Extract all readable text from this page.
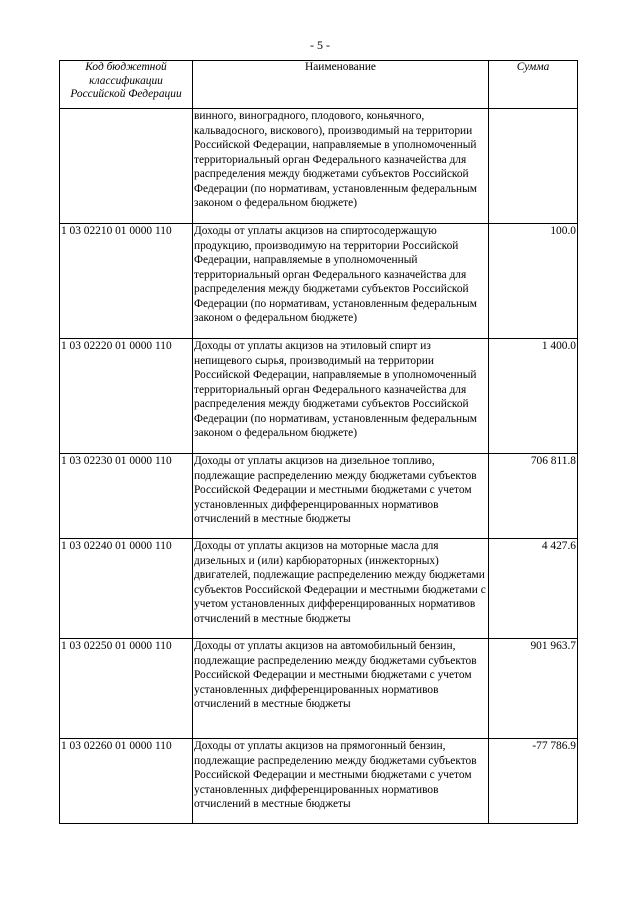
- 5 -
Код бюджетной классификации Российской Федерации	Наименование	Сумма
	винного, виноградного, плодового, коньячного, кальвадосного, вискового), производимый на территории Российской Федерации, направляемые в уполномоченный территориальный орган Федерального казначейства для распределения между бюджетами субъектов Российской Федерации (по нормативам, установленным федеральным законом о федеральном бюджете)	
1 03 02210 01 0000 110	Доходы от уплаты акцизов на спиртосодержащую продукцию, производимую на территории Российской Федерации, направляемые в уполномоченный территориальный орган Федерального казначейства для распределения между бюджетами субъектов Российской Федерации (по нормативам, установленным федеральным законом о федеральном бюджете)	100.0
1 03 02220 01 0000 110	Доходы от уплаты акцизов на этиловый спирт из непищевого сырья, производимый на территории Российской Федерации, направляемые в уполномоченный территориальный орган Федерального казначейства для распределения между бюджетами субъектов Российской Федерации (по нормативам, установленным федеральным законом о федеральном бюджете)	1 400.0
1 03 02230 01 0000 110	Доходы от уплаты акцизов на дизельное топливо, подлежащие распределению между бюджетами субъектов Российской Федерации и местными бюджетами с учетом установленных дифференцированных нормативов отчислений в местные бюджеты	706 811.8
1 03 02240 01 0000 110	Доходы от уплаты акцизов на моторные масла для дизельных и (или) карбюраторных (инжекторных) двигателей, подлежащие распределению между бюджетами субъектов Российской Федерации и местными бюджетами с учетом установленных дифференцированных нормативов отчислений в местные бюджеты	4 427.6
1 03 02250 01 0000 110	Доходы от уплаты акцизов на автомобильный бензин, подлежащие распределению между бюджетами субъектов Российской Федерации и местными бюджетами с учетом установленных дифференцированных нормативов отчислений в местные бюджеты	901 963.7
1 03 02260 01 0000 110	Доходы от уплаты акцизов на прямогонный бензин, подлежащие распределению между бюджетами субъектов Российской Федерации и местными бюджетами с учетом установленных дифференцированных нормативов отчислений в местные бюджеты	-77 786.9
